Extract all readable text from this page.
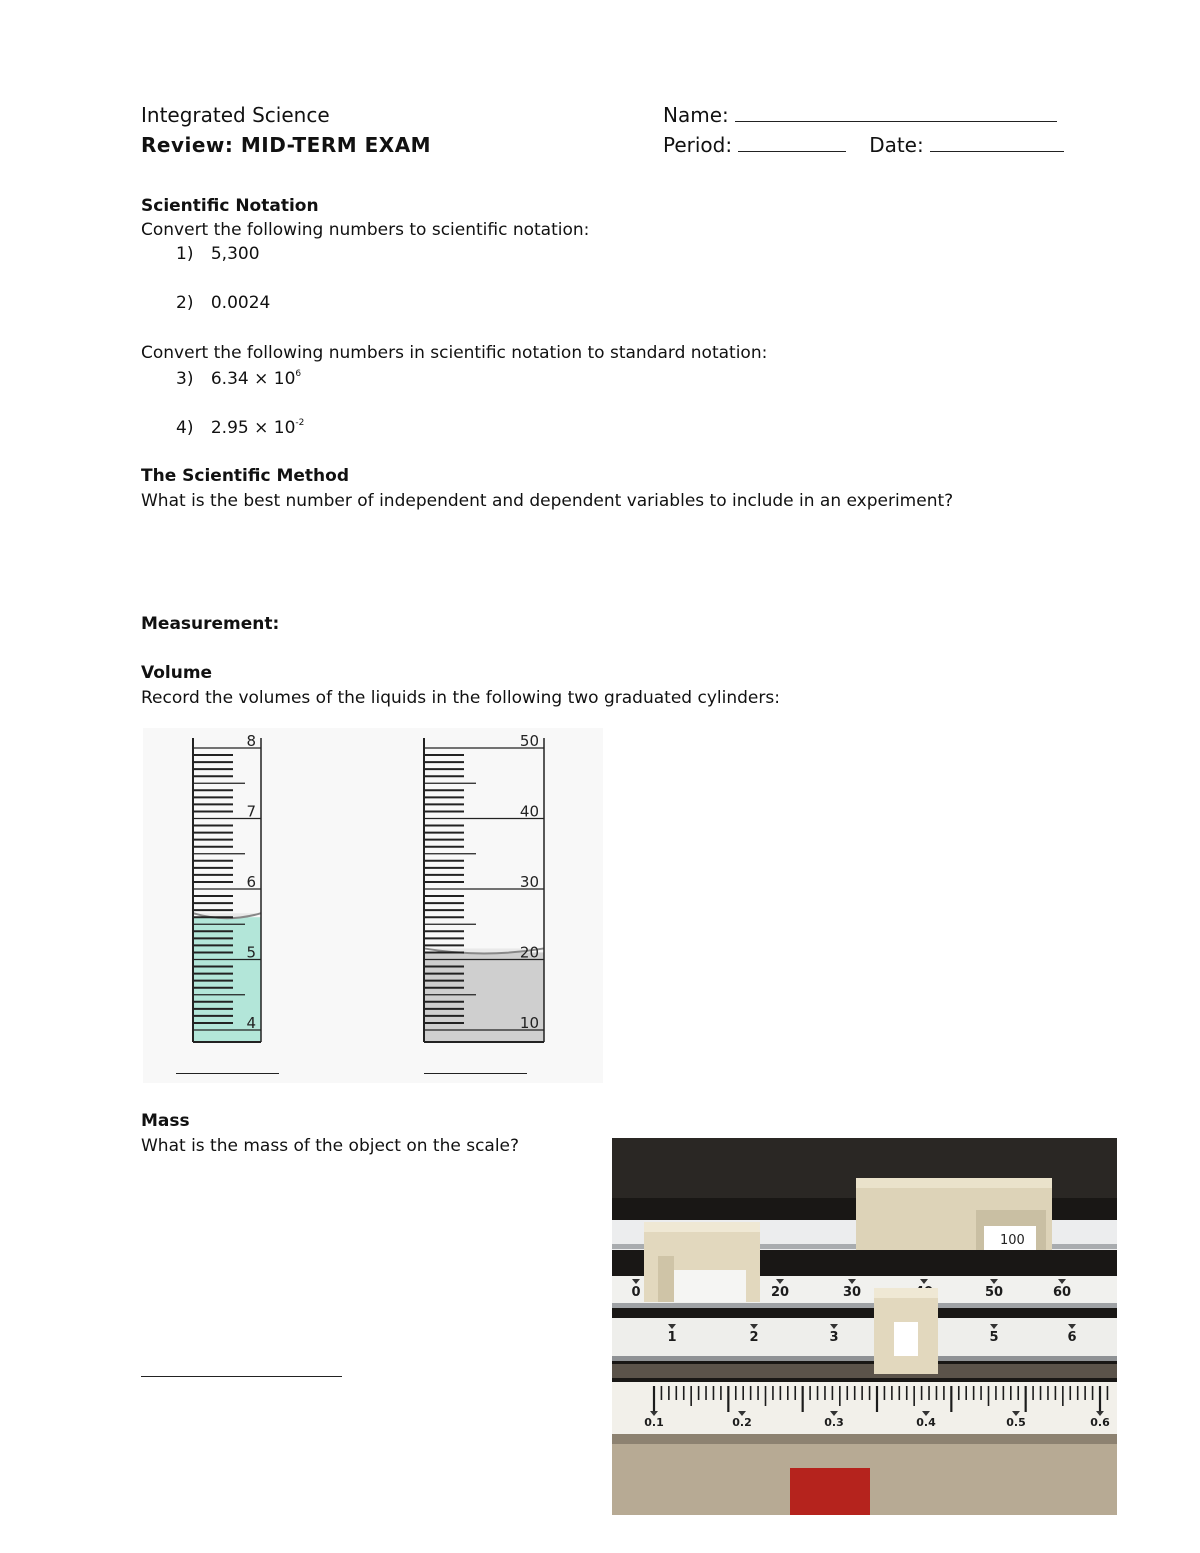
Integrated Science
Review: MID-TERM EXAM
Name:
Period:	Date:
Scientific Notation
Convert the following numbers to scientific notation:
1) 5,300
2) 0.0024
Convert the following numbers in scientific notation to standard notation:
3) $6.34 \times 10^6$
4) $2.95 \times 10^{-2}$
The Scientific Method
What is the best number of independent and dependent variables to include in an experiment?
Measurement:
Volume
Record the volumes of the liquids in the following two graduated cylinders:
8
7
6
5
4
50
40
30
20
10
Mass
What is the mass of the object on the scale?
100
0	20	30	50	60
1	2	3	5	6
0.1	0.2	0.3	0.4	0.5	0.6
